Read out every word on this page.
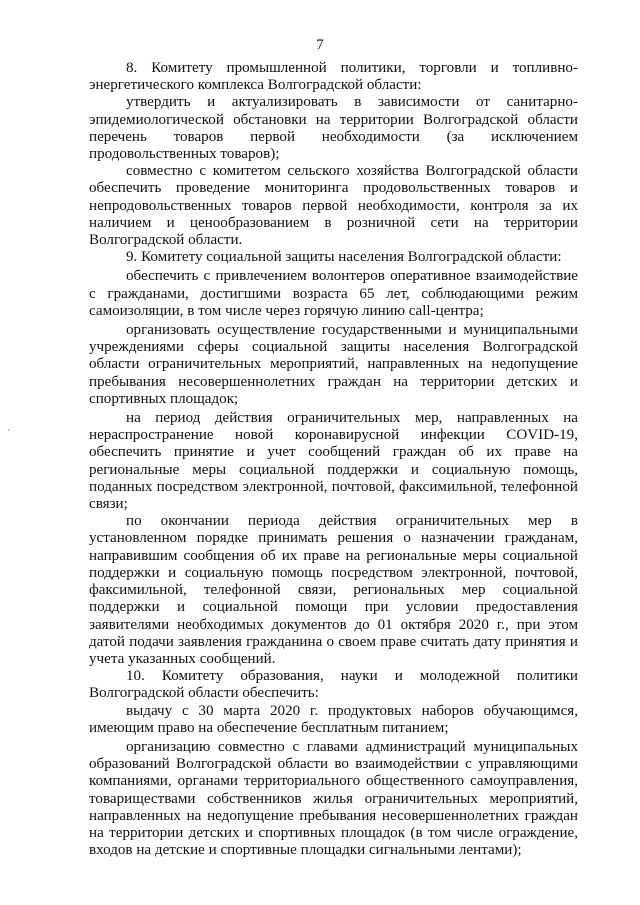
7

8. Комитету промышленной политики, торговли и топливно-энергетического комплекса Волгоградской области:

утвердить и актуализировать в зависимости от санитарно-эпидемиологической обстановки на территории Волгоградской области перечень товаров первой необходимости (за исключением продовольственных товаров);

совместно с комитетом сельского хозяйства Волгоградской области обеспечить проведение мониторинга продовольственных товаров и непродовольственных товаров первой необходимости, контроля за их наличием и ценообразованием в розничной сети на территории Волгоградской области.

9. Комитету социальной защиты населения Волгоградской области:

обеспечить с привлечением волонтеров оперативное взаимодействие с гражданами, достигшими возраста 65 лет, соблюдающими режим самоизоляции, в том числе через горячую линию call-центра;

организовать осуществление государственными и муниципальными учреждениями сферы социальной защиты населения Волгоградской области ограничительных мероприятий, направленных на недопущение пребывания несовершеннолетних граждан на территории детских и спортивных площадок;

на период действия ограничительных мер, направленных на нераспространение новой коронавирусной инфекции COVID-19, обеспечить принятие и учет сообщений граждан об их праве на региональные меры социальной поддержки и социальную помощь, поданных посредством электронной, почтовой, факсимильной, телефонной связи;

по окончании периода действия ограничительных мер в установленном порядке принимать решения о назначении гражданам, направившим сообщения об их праве на региональные меры социальной поддержки и социальную помощь посредством электронной, почтовой, факсимильной, телефонной связи, региональных мер социальной поддержки и социальной помощи при условии предоставления заявителями необходимых документов до 01 октября 2020 г., при этом датой подачи заявления гражданина о своем праве считать дату принятия и учета указанных сообщений.

10. Комитету образования, науки и молодежной политики Волгоградской области обеспечить:

выдачу с 30 марта 2020 г. продуктовых наборов обучающимся, имеющим право на обеспечение бесплатным питанием;

организацию совместно с главами администраций муниципальных образований Волгоградской области во взаимодействии с управляющими компаниями, органами территориального общественного самоуправления, товариществами собственников жилья ограничительных мероприятий, направленных на недопущение пребывания несовершеннолетних граждан на территории детских и спортивных площадок (в том числе ограждение, входов на детские и спортивные площадки сигнальными лентами);
